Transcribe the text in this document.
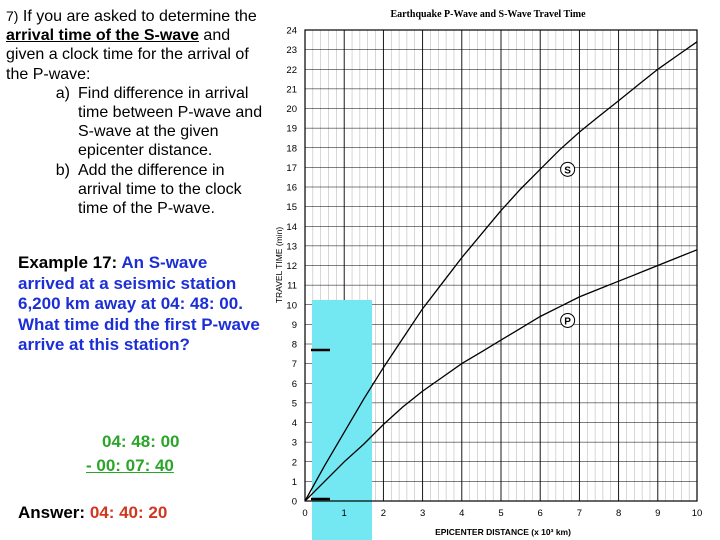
7) If you are asked to determine the arrival time of the S-wave and given a clock time for the arrival of the P-wave:

a) Find difference in arrival time between P-wave and S-wave at the given epicenter distance.
b) Add the difference in arrival time to the clock time of the P-wave.
Example 17: An S-wave arrived at a seismic station 6,200 km away at 04: 48: 00. What time did the first P-wave arrive at this station?
04: 48: 00
- 00: 07: 40
Answer: 04: 40: 20	0	1	2	3	4	5	6	7	8	9	10
0
1
2
3
4
5
6
7
8
9
10
11
12
13
14
15
16
17
18
19
20
21
22
23
24
S
P
Earthquake P-Wave and S-Wave Travel Time
TRAVEL TIME (min)
EPICENTER DISTANCE (x 10³ km)
